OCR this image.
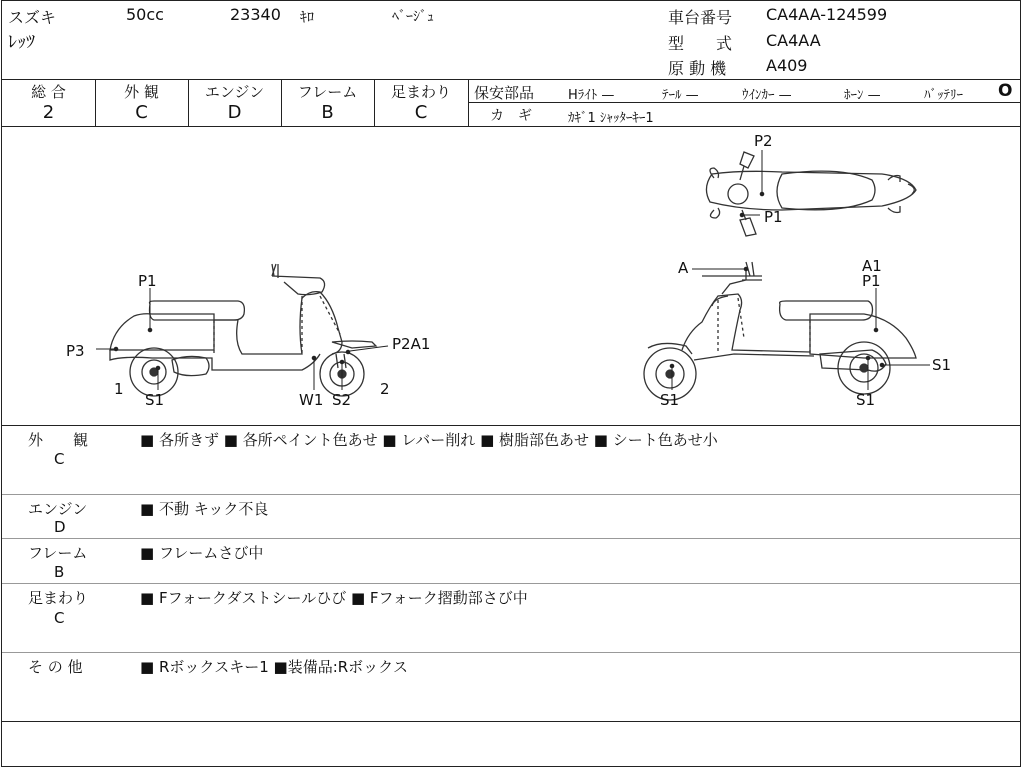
スズキ	50cc	23340 ｷﾛ	ﾍﾞｰｼﾞｭ
ﾚｯﾂ
車台番号 CA4AA-124599
型　　式 CA4AA
原 動 機 A409
総 合
2
外 観
C
エンジン
D
フレーム
B
足まわり
C
保安部品	Hﾗｲﾄ —	ﾃｰﾙ —	ｳｲﾝｶｰ —	ﾎｰﾝ —	ﾊﾞｯﾃﾘｰ O
カ　ギ	ｶｷﾞ1 ｼｬｯﾀｰｷｰ1
P1
P3	P2A1
1	2
S1	W1 S2
P2
P1
A	A1
P1
S1
S1	S1
外　　観
C
■ 各所きず ■ 各所ペイント色あせ ■ レバー削れ ■ 樹脂部色あせ ■ シート色あせ小
エンジン
D
■ 不動 キック不良
フレーム
B
■ フレームさび中
足まわり
C
■ Fフォークダストシールひび ■ Fフォーク摺動部さび中
そ の 他	■ Rボックスキー1 ■装備品:Rボックス
